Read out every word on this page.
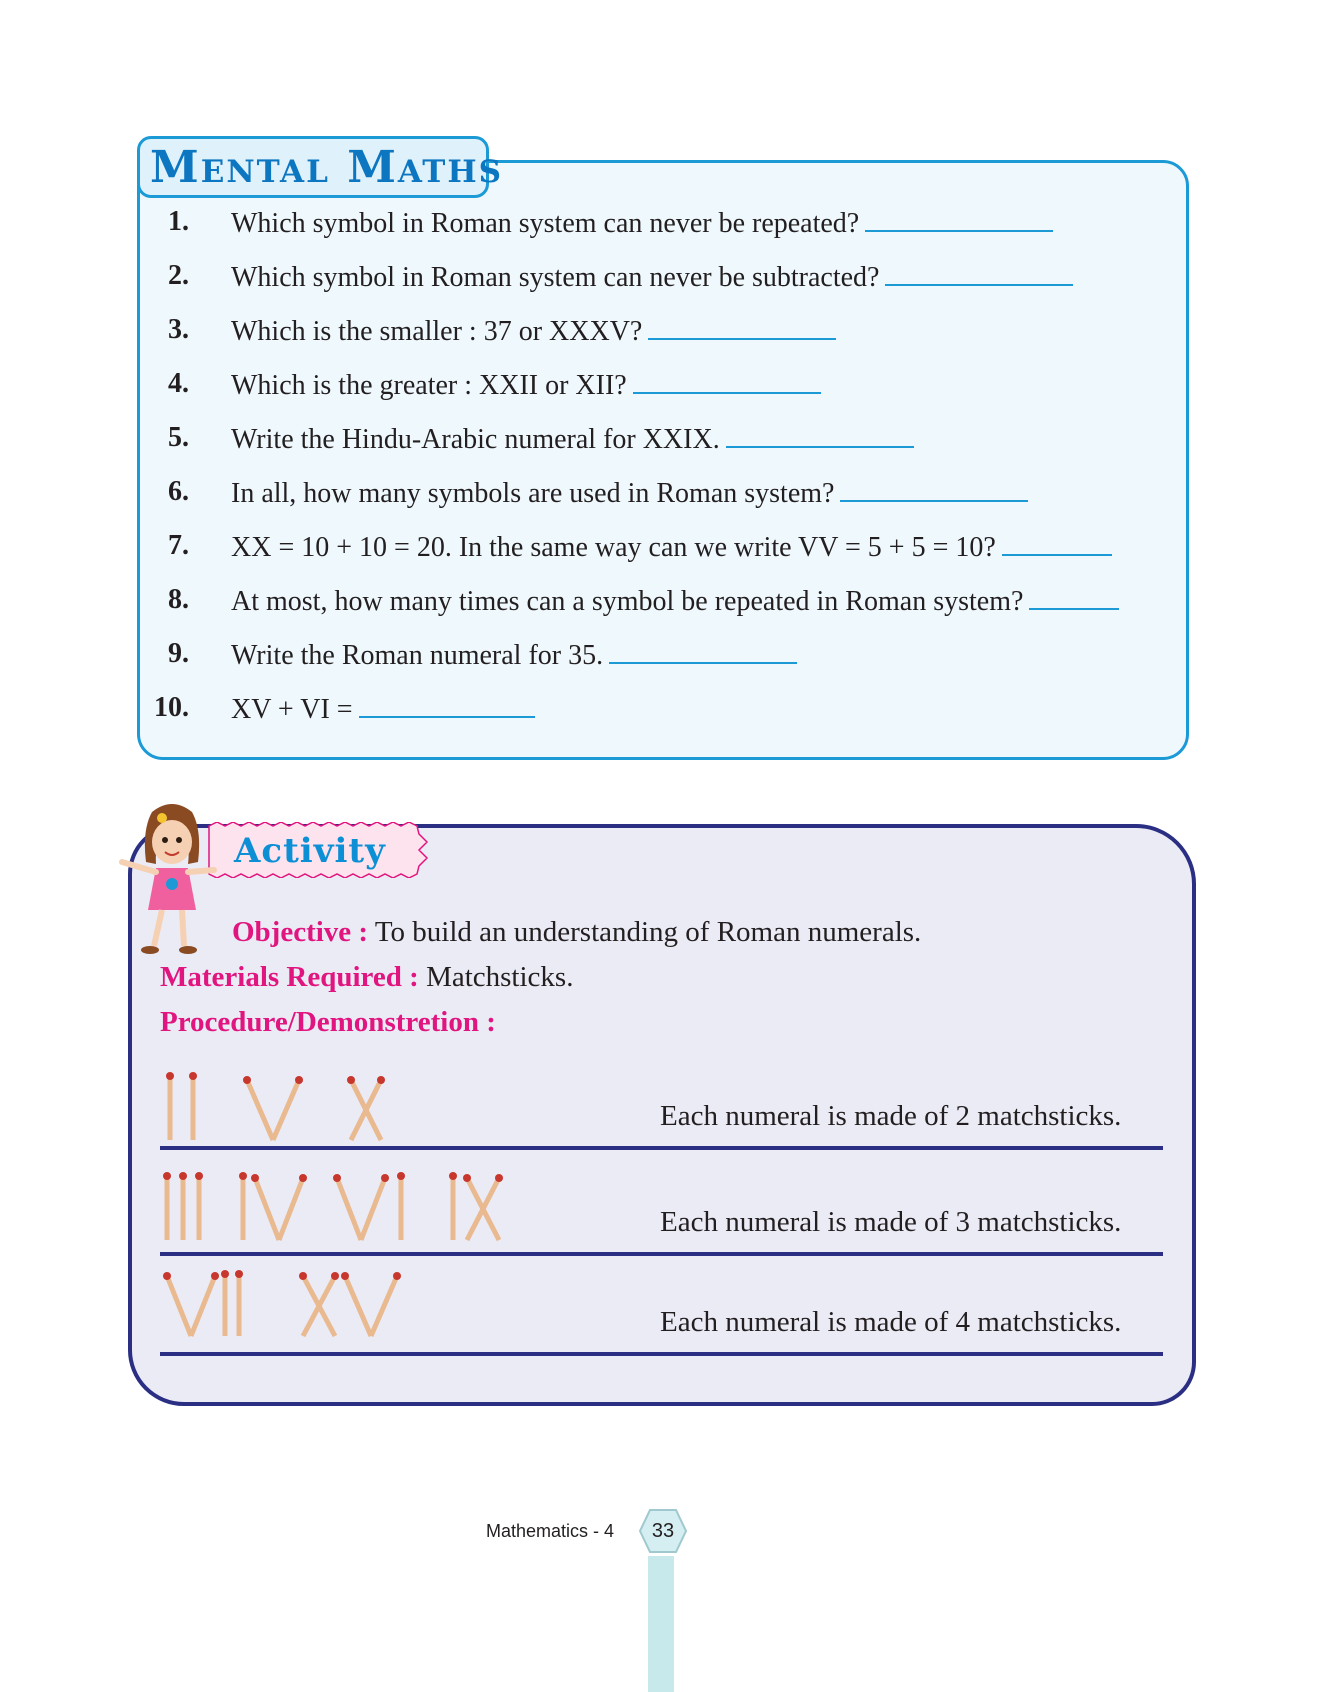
Mental Maths
1. Which symbol in Roman system can never be repeated?
2. Which symbol in Roman system can never be subtracted?
3. Which is the smaller : 37 or XXXV?
4. Which is the greater : XXII or XII?
5. Write the Hindu-Arabic numeral for XXIX.
6. In all, how many symbols are used in Roman system?
7. XX = 10 + 10 = 20. In the same way can we write VV = 5 + 5 = 10?
8. At most, how many times can a symbol be repeated in Roman system?
9. Write the Roman numeral for 35.
10. XV + VI =
Activity
Objective : To build an understanding of Roman numerals.
Materials Required : Matchsticks.
Procedure/Demonstretion :
Each numeral is made of 2 matchsticks.
Each numeral is made of 3 matchsticks.
Each numeral is made of 4 matchsticks.
Mathematics - 4	33
